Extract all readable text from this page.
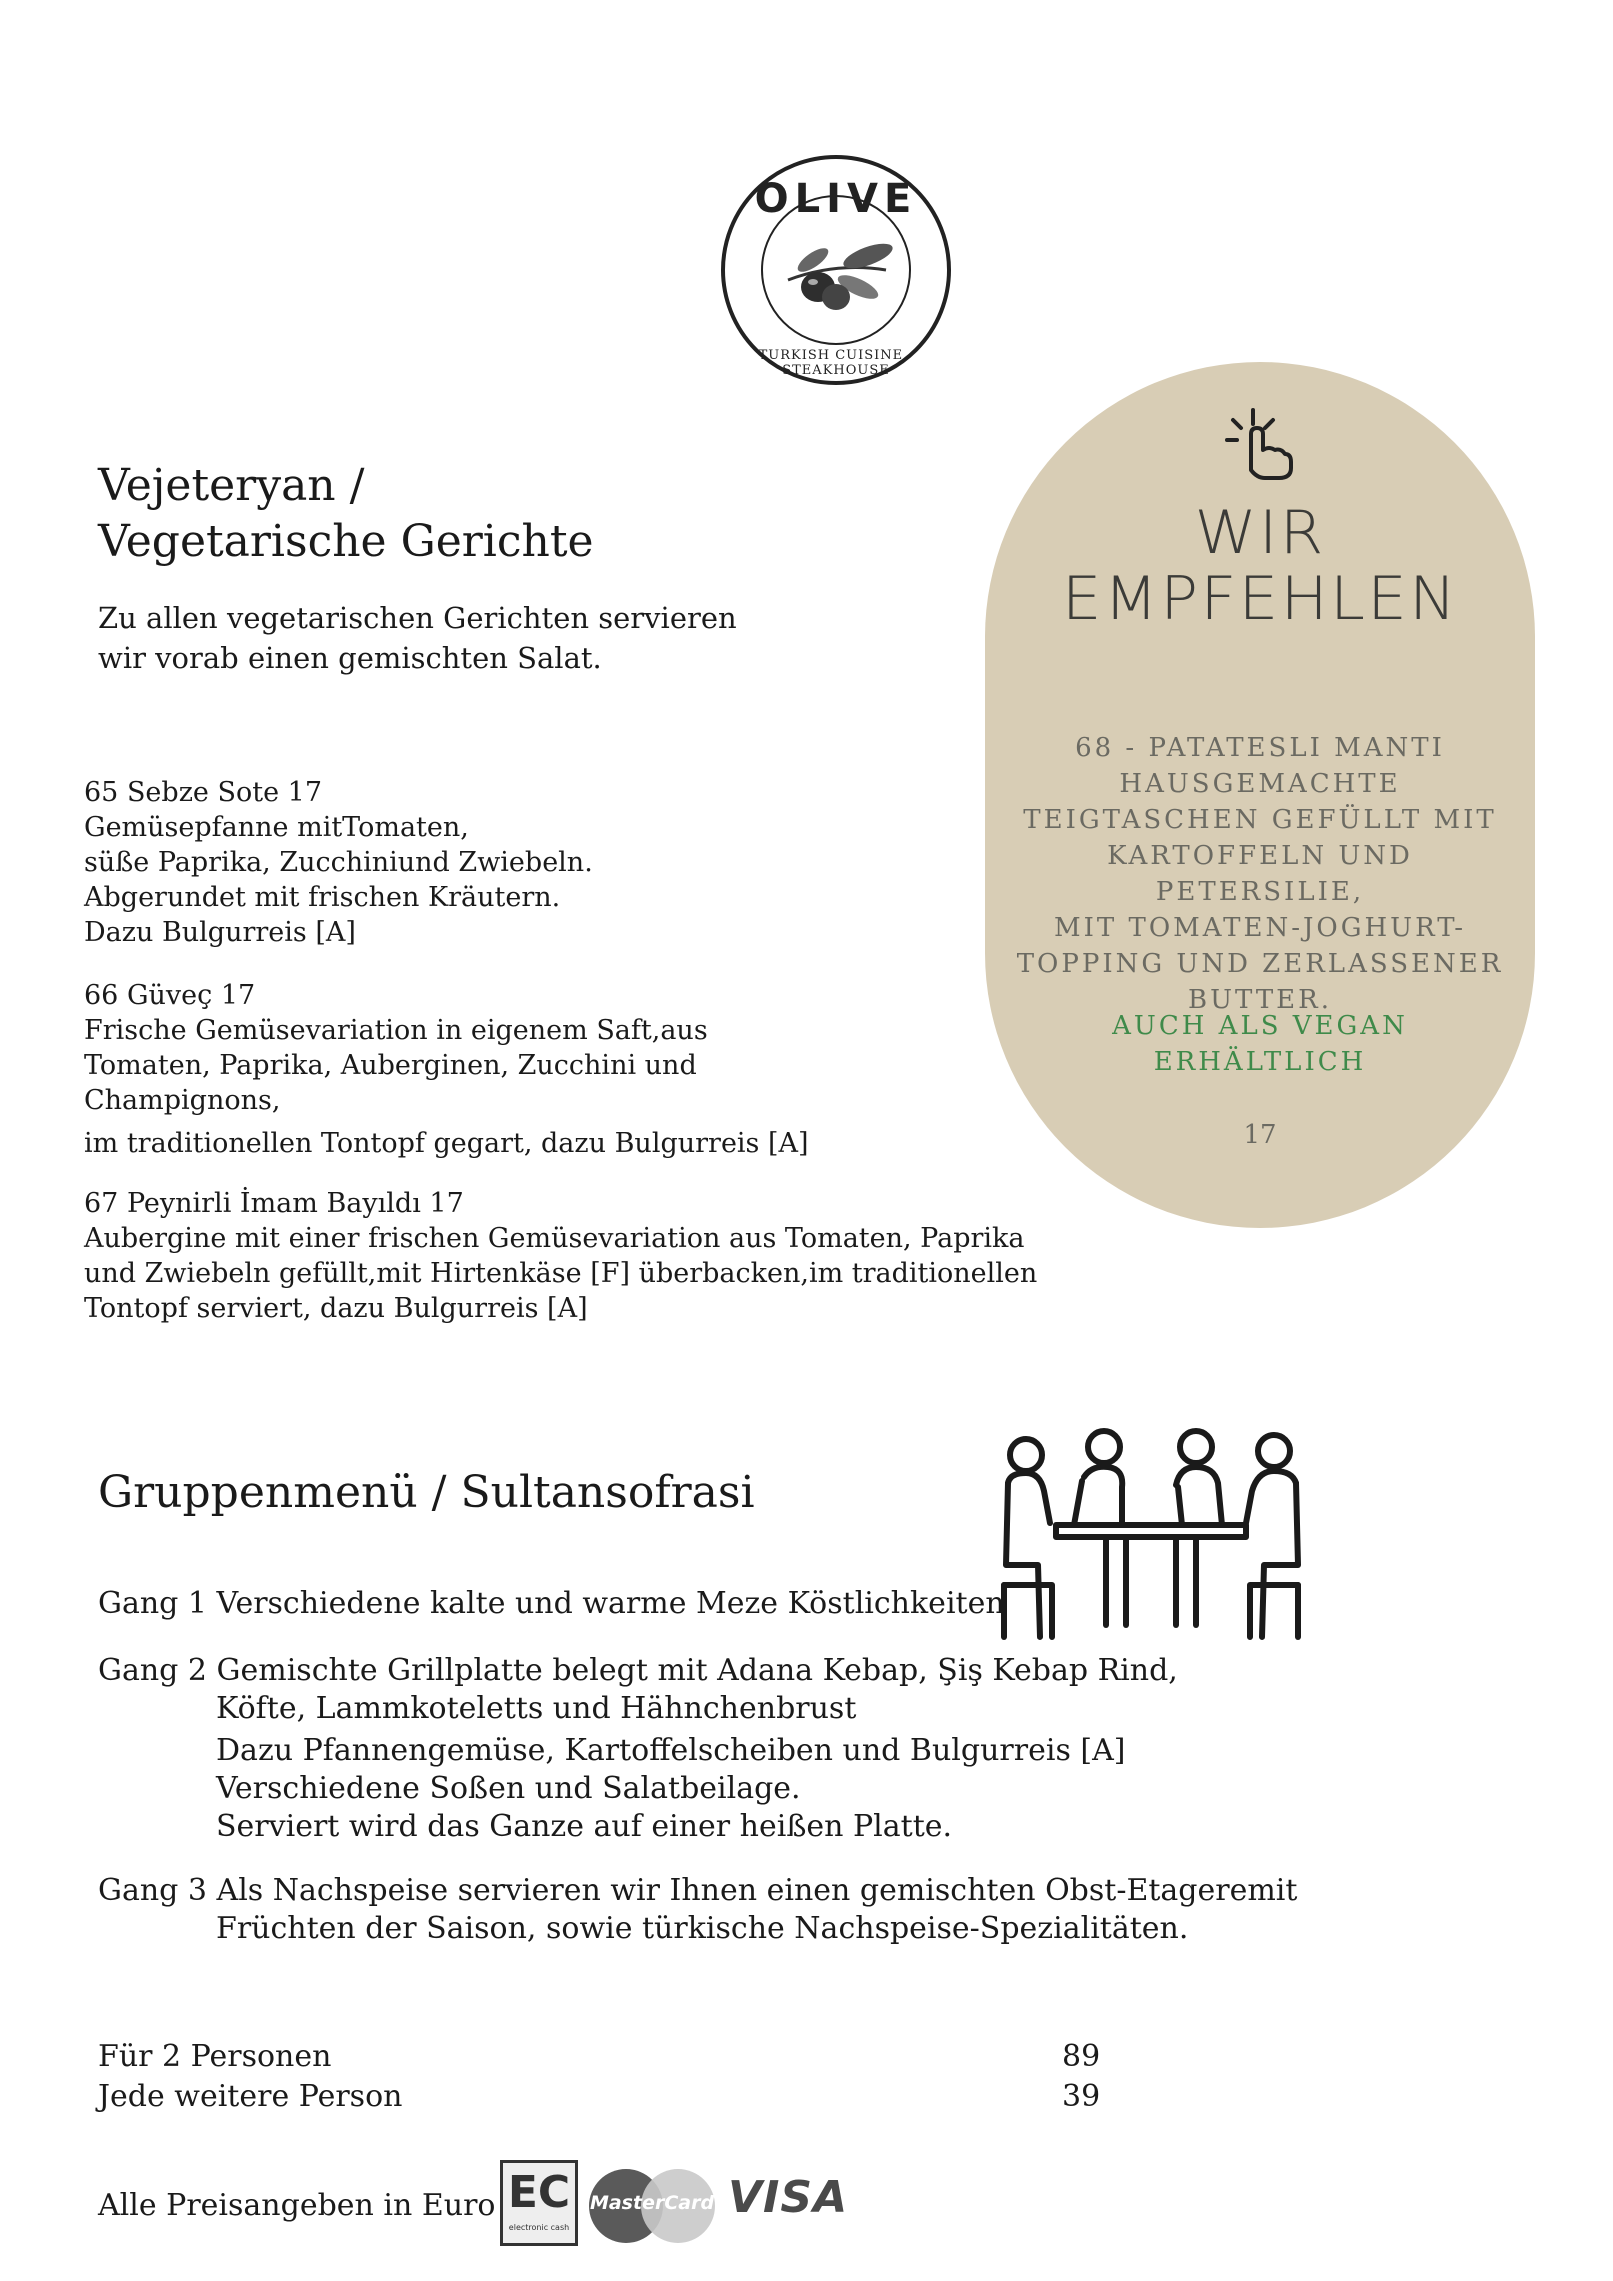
OLIVE
TURKISH CUISINE · STEAKHOUSE
Vejeteryan /
Vegetarische Gerichte
Zu allen vegetarischen Gerichten servieren
wir vorab einen gemischten Salat.
65 Sebze Sote 17
Gemüsepfanne mitTomaten,
süße Paprika, Zucchiniund Zwiebeln.
Abgerundet mit frischen Kräutern.
Dazu Bulgurreis [A]
66 Güveç 17
Frische Gemüsevariation in eigenem Saft,aus
Tomaten, Paprika, Auberginen, Zucchini und
Champignons,
im traditionellen Tontopf gegart, dazu Bulgurreis [A]
67 Peynirli İmam Bayıldı 17
Aubergine mit einer frischen Gemüsevariation aus Tomaten, Paprika
und Zwiebeln gefüllt,mit Hirtenkäse [F] überbacken,im traditionellen
Tontopf serviert, dazu Bulgurreis [A]
WIR
EMPFEHLEN
68 - PATATESLI MANTI
HAUSGEMACHTE
TEIGTASCHEN GEFÜLLT MIT
KARTOFFELN UND PETERSILIE,
MIT TOMATEN-JOGHURT-
TOPPING UND ZERLASSENER
BUTTER.
AUCH ALS VEGAN
ERHÄLTLICH
17
Gruppenmenü / Sultansofrasi
Gang 1 Verschiedene kalte und warme Meze Köstlichkeiten
Gang 2 Gemischte Grillplatte belegt mit Adana Kebap, Şiş Kebap Rind,
Köfte, Lammkoteletts und Hähnchenbrust
Dazu Pfannengemüse, Kartoffelscheiben und Bulgurreis [A]
Verschiedene Soßen und Salatbeilage.
Serviert wird das Ganze auf einer heißen Platte.
Gang 3 Als Nachspeise servieren wir Ihnen einen gemischten Obst-Etageremit
Früchten der Saison, sowie türkische Nachspeise-Spezialitäten.
Für 2 Personen	89
Jede weitere Person	39
Alle Preisangeben in Euro EC
electronic cash
MasterCard VISA
